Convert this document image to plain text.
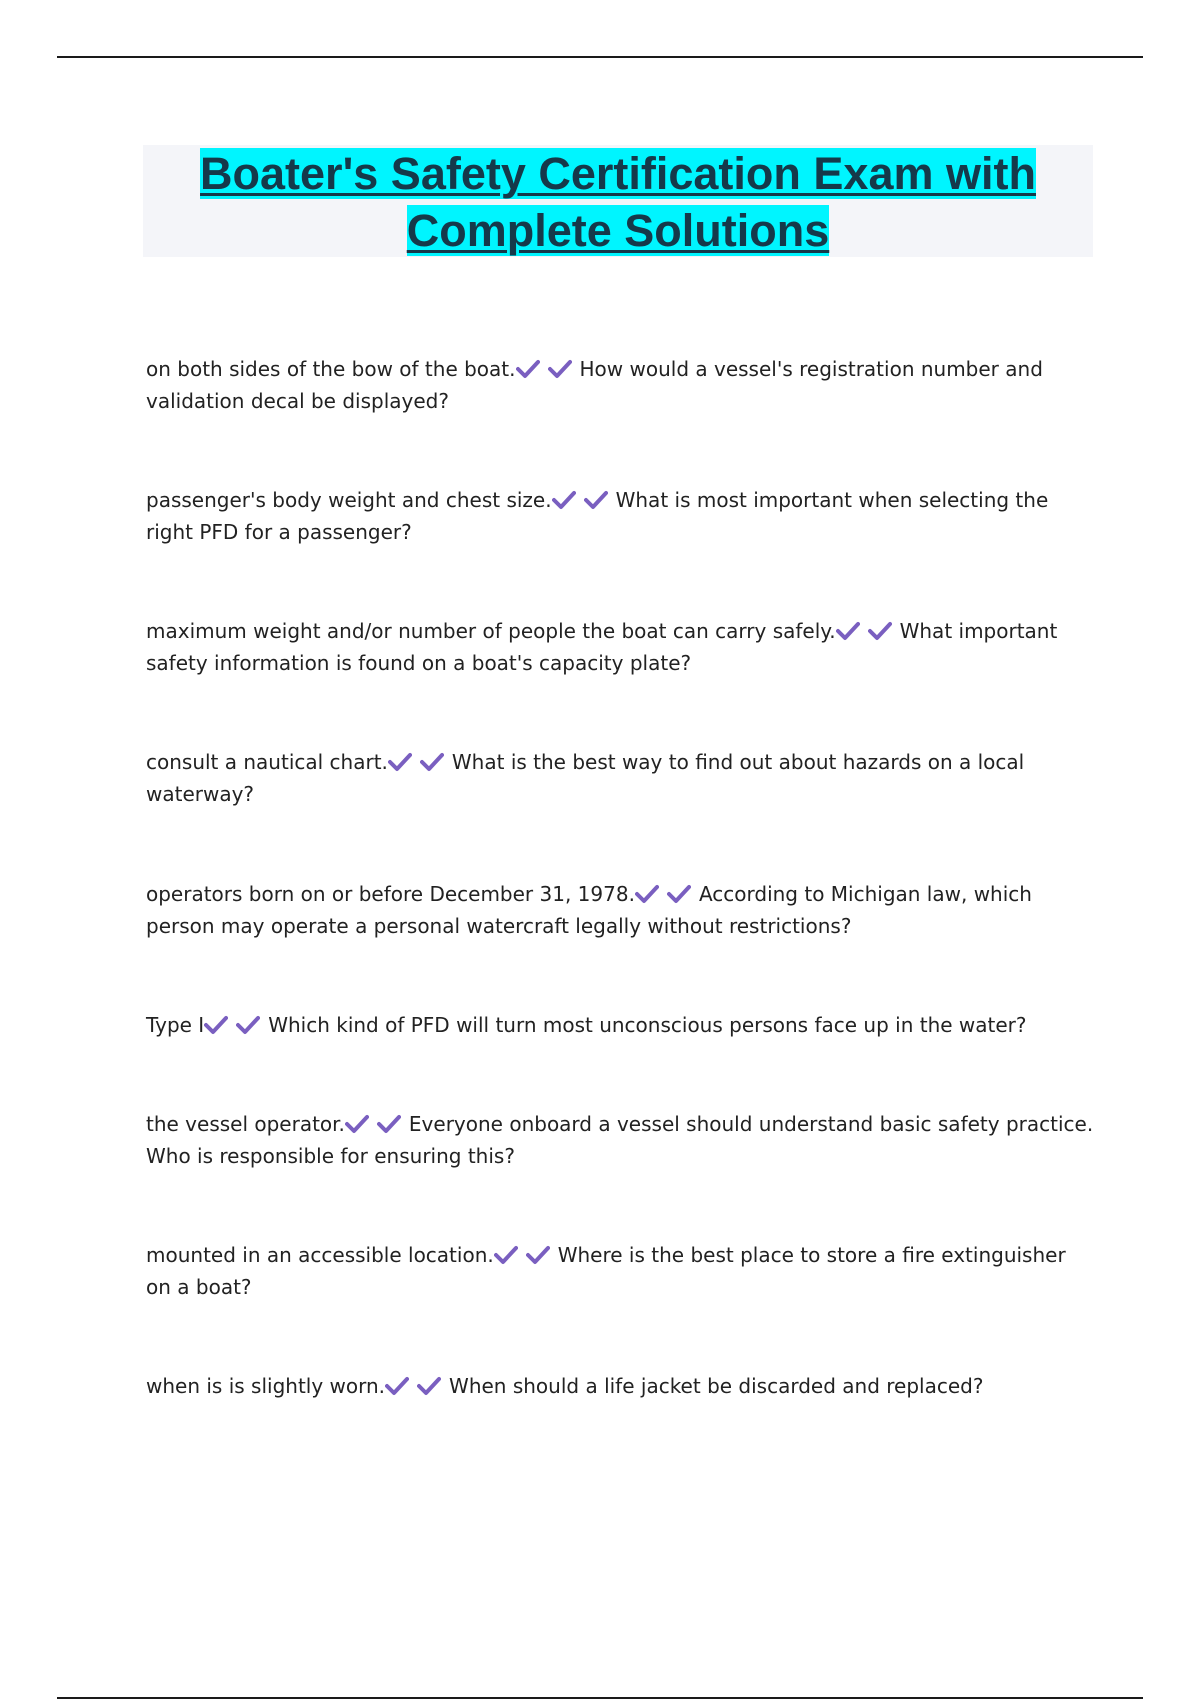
Boater's Safety Certification Exam with Complete Solutions
on both sides of the bow of the boat.	How would a vessel's registration number and validation decal be displayed?
passenger's body weight and chest size.	What is most important when selecting the right PFD for a passenger?
maximum weight and/or number of people the boat can carry safely.	What important safety information is found on a boat's capacity plate?
consult a nautical chart.	What is the best way to find out about hazards on a local waterway?
operators born on or before December 31, 1978.	According to Michigan law, which person may operate a personal watercraft legally without restrictions?
Type I	Which kind of PFD will turn most unconscious persons face up in the water?
the vessel operator.	Everyone onboard a vessel should understand basic safety practice. Who is responsible for ensuring this?
mounted in an accessible location.	Where is the best place to store a fire extinguisher on a boat?
when is is slightly worn.	When should a life jacket be discarded and replaced?
